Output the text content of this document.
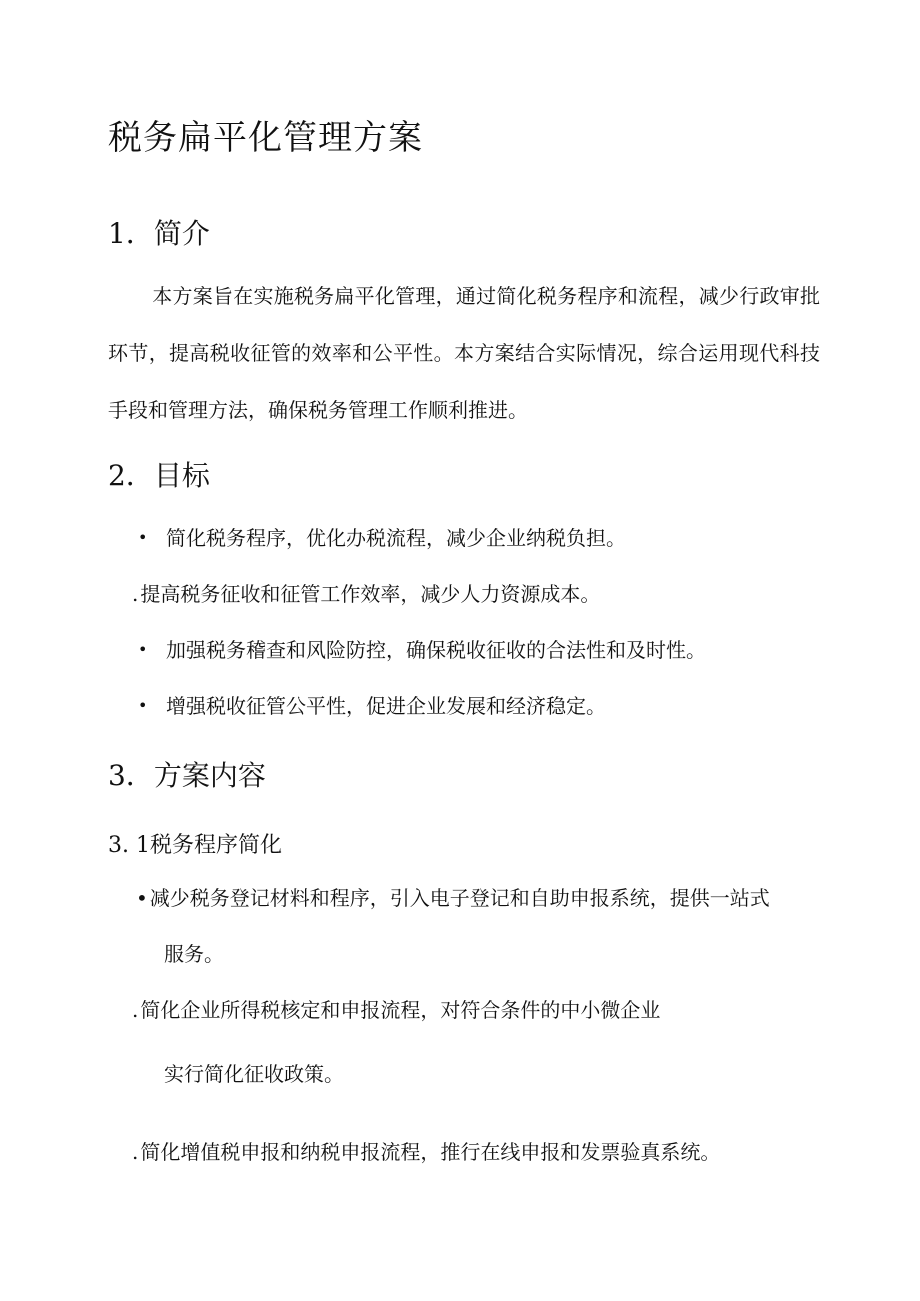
税务扁平化管理方案
1．简介
本方案旨在实施税务扁平化管理，通过简化税务程序和流程，减少行政审批环节，提高税收征管的效率和公平性。本方案结合实际情况，综合运用现代科技手段和管理方法，确保税务管理工作顺利推进。
2．目标
• 简化税务程序，优化办税流程，减少企业纳税负担。
. 提高税务征收和征管工作效率，减少人力资源成本。
• 加强税务稽查和风险防控，确保税收征收的合法性和及时性。
• 增强税收征管公平性，促进企业发展和经济稳定。
3．方案内容
3. 1税务程序简化
• 减少税务登记材料和程序，引入电子登记和自助申报系统，提供一站式
服务。
. 简化企业所得税核定和申报流程，对符合条件的中小微企业
实行简化征收政策。
. 简化增值税申报和纳税申报流程，推行在线申报和发票验真系统。
